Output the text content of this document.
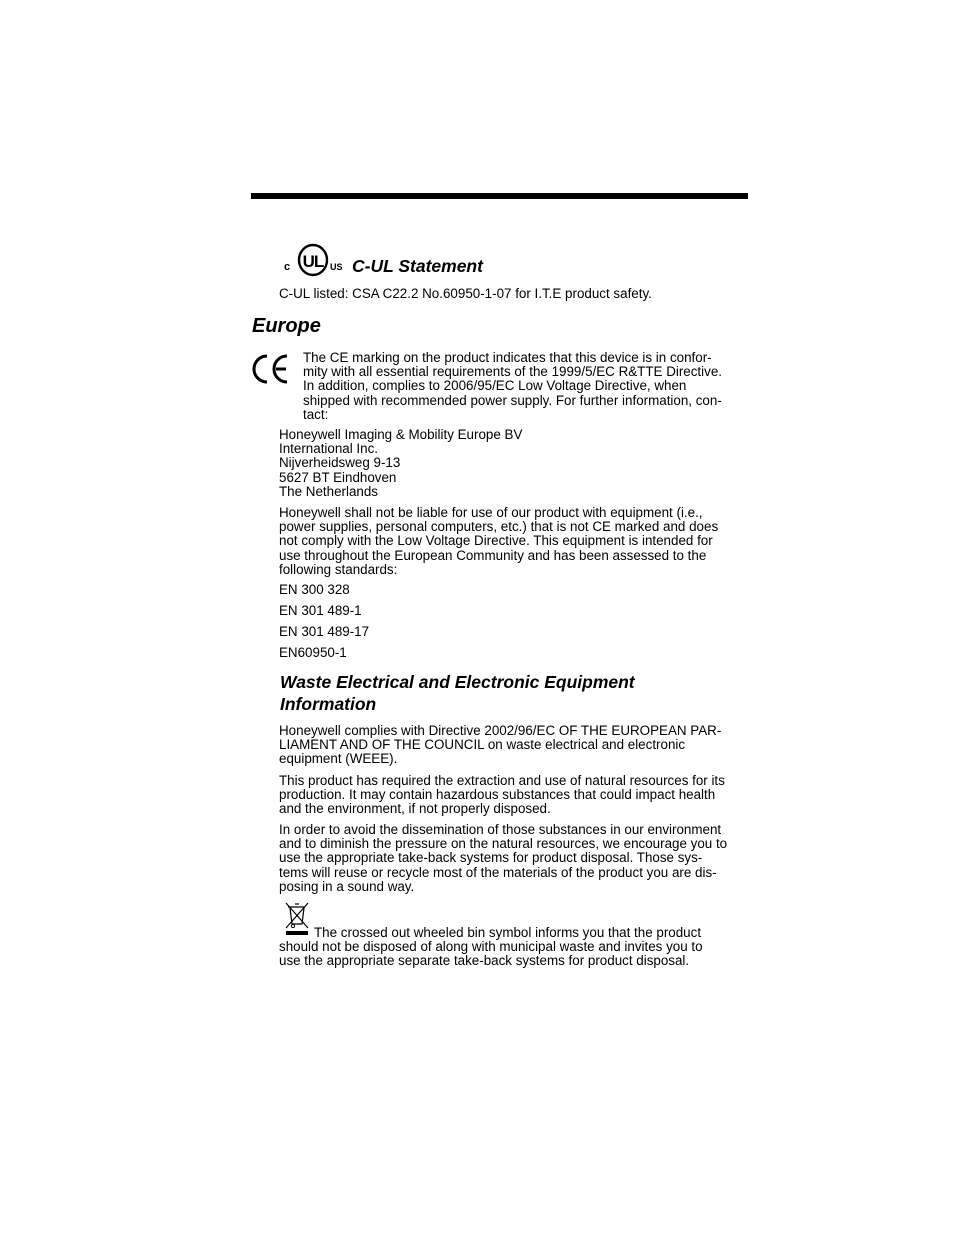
c UL US C-UL Statement
C-UL listed: CSA C22.2 No.60950-1-07 for I.T.E product safety.
Europe
The CE marking on the product indicates that this device is in confor-
mity with all essential requirements of the 1999/5/EC R&TTE Directive.
In addition, complies to 2006/95/EC Low Voltage Directive, when
shipped with recommended power supply. For further information, con-
tact:
Honeywell Imaging & Mobility Europe BV
International Inc.
Nijverheidsweg 9-13
5627 BT Eindhoven
The Netherlands
Honeywell shall not be liable for use of our product with equipment (i.e.,
power supplies, personal computers, etc.) that is not CE marked and does
not comply with the Low Voltage Directive. This equipment is intended for
use throughout the European Community and has been assessed to the
following standards:
EN 300 328
EN 301 489-1
EN 301 489-17
EN60950-1
Waste Electrical and Electronic Equipment
Information
Honeywell complies with Directive 2002/96/EC OF THE EUROPEAN PAR-
LIAMENT AND OF THE COUNCIL on waste electrical and electronic
equipment (WEEE).
This product has required the extraction and use of natural resources for its
production. It may contain hazardous substances that could impact health
and the environment, if not properly disposed.
In order to avoid the dissemination of those substances in our environment
and to diminish the pressure on the natural resources, we encourage you to
use the appropriate take-back systems for product disposal. Those sys-
tems will reuse or recycle most of the materials of the product you are dis-
posing in a sound way.
The crossed out wheeled bin symbol informs you that the product
should not be disposed of along with municipal waste and invites you to
use the appropriate separate take-back systems for product disposal.
